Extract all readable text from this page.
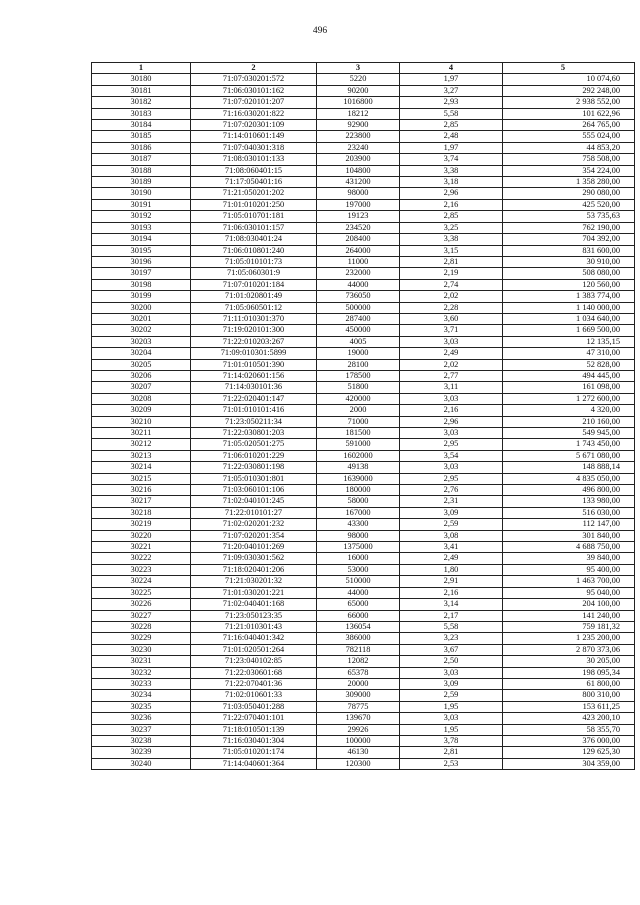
496
1	2	3	4	5
30180	71:07:030201:572	5220	1,97	10 074,60
30181	71:06:030101:162	90200	3,27	292 248,00
30182	71:07:020101:207	1016800	2,93	2 938 552,00
30183	71:16:030201:822	18212	5,58	101 622,96
30184	71:07:020301:109	92900	2,85	264 765,00
30185	71:14:010601:149	223800	2,48	555 024,00
30186	71:07:040301:318	23240	1,97	44 853,20
30187	71:08:030101:133	203900	3,74	758 508,00
30188	71:08:060401:15	104800	3,38	354 224,00
30189	71:17:050401:16	431200	3,18	1 358 280,00
30190	71:21:050201:202	98000	2,96	290 080,00
30191	71:01:010201:250	197000	2,16	425 520,00
30192	71:05:010701:181	19123	2,85	53 735,63
30193	71:06:030101:157	234520	3,25	762 190,00
30194	71:08:030401:24	208400	3,38	704 392,00
30195	71:06:010801:240	264000	3,15	831 600,00
30196	71:05:010101:73	11000	2,81	30 910,00
30197	71:05:060301:9	232000	2,19	508 080,00
30198	71:07:010201:184	44000	2,74	120 560,00
30199	71:01:020801:49	736050	2,02	1 383 774,00
30200	71:05:060501:12	500000	2,28	1 140 000,00
30201	71:11:010301:370	287400	3,60	1 034 640,00
30202	71:19:020101:300	450000	3,71	1 669 500,00
30203	71:22:010203:267	4005	3,03	12 135,15
30204	71:09:010301:5899	19000	2,49	47 310,00
30205	71:01:010501:390	28100	2,02	52 828,00
30206	71:14:020601:156	178500	2,77	494 445,00
30207	71:14:030101:36	51800	3,11	161 098,00
30208	71:22:020401:147	420000	3,03	1 272 600,00
30209	71:01:010101:416	2000	2,16	4 320,00
30210	71:23:050211:34	71000	2,96	210 160,00
30211	71:22:030801:203	181500	3,03	549 945,00
30212	71:05:020501:275	591000	2,95	1 743 450,00
30213	71:06:010201:229	1602000	3,54	5 671 080,00
30214	71:22:030801:198	49138	3,03	148 888,14
30215	71:05:010301:801	1639000	2,95	4 835 050,00
30216	71:03:060101:106	180000	2,76	496 800,00
30217	71:02:040101:245	58000	2,31	133 980,00
30218	71:22:010101:27	167000	3,09	516 030,00
30219	71:02:020201:232	43300	2,59	112 147,00
30220	71:07:020201:354	98000	3,08	301 840,00
30221	71:20:040101:269	1375000	3,41	4 688 750,00
30222	71:09:030301:562	16000	2,49	39 840,00
30223	71:18:020401:206	53000	1,80	95 400,00
30224	71:21:030201:32	510000	2,91	1 463 700,00
30225	71:01:030201:221	44000	2,16	95 040,00
30226	71:02:040401:168	65000	3,14	204 100,00
30227	71:23:050123:35	66000	2,17	141 240,00
30228	71:21:010301:43	136054	5,58	759 181,32
30229	71:16:040401:342	386000	3,23	1 235 200,00
30230	71:01:020501:264	782118	3,67	2 870 373,06
30231	71:23:040102:85	12082	2,50	30 205,00
30232	71:22:030601:68	65378	3,03	198 095,34
30233	71:22:070401:36	20000	3,09	61 800,00
30234	71:02:010601:33	309000	2,59	800 310,00
30235	71:03:050401:288	78775	1,95	153 611,25
30236	71:22:070401:101	139670	3,03	423 200,10
30237	71:18:010501:139	29926	1,95	58 355,70
30238	71:16:030401:304	100000	3,78	376 000,00
30239	71:05:010201:174	46130	2,81	129 625,30
30240	71:14:040601:364	120300	2,53	304 359,00
